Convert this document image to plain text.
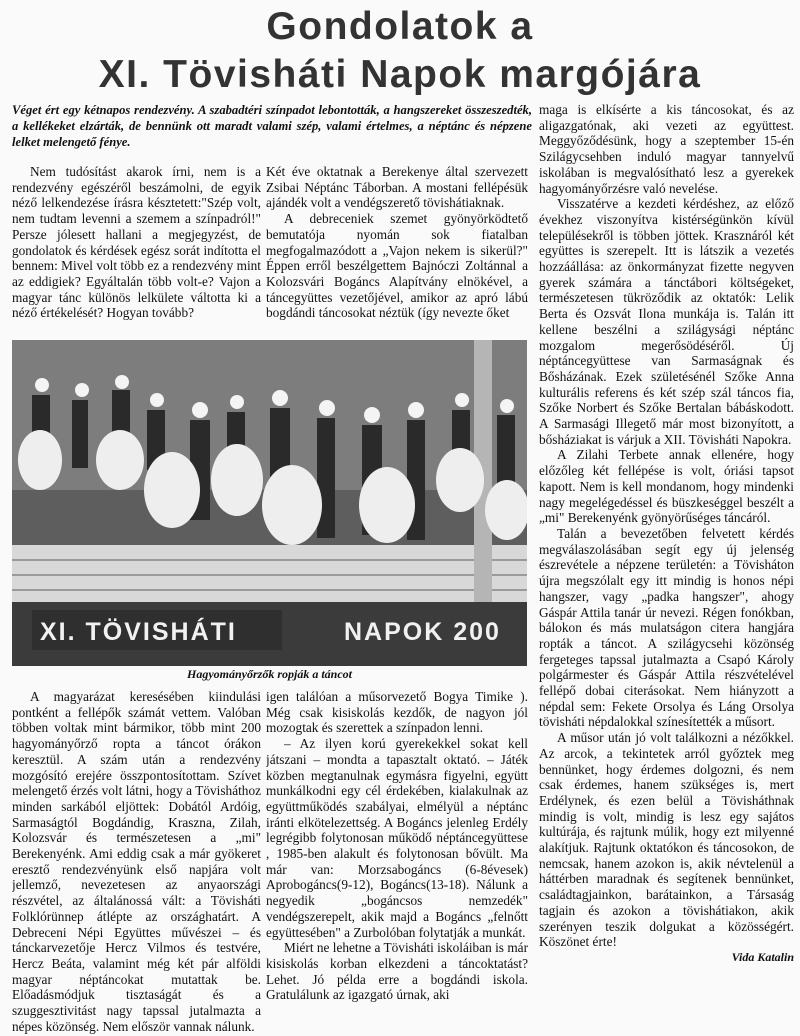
Gondolatok a
XI. Tövisháti Napok margójára

Véget ért egy kétnapos rendezvény. A szabadtéri színpadot lebontották, a hangszereket összeszedték, a kellékeket elzárták, de bennünk ott maradt valami szép, valami értelmes, a néptánc és népzene lelket melengető fénye.

Nem tudósítást akarok írni, nem is a rendezvény egészéről beszámolni, de egyik néző lelkendezése írásra késztetett:"Szép volt, nem tudtam levenni a szemem a színpadról!" Persze jólesett hallani a megjegyzést, de gondolatok és kérdések egész sorát indította el bennem: Mivel volt több ez a rendezvény mint az eddigiek? Egyáltalán több volt-e? Vajon a magyar tánc különös lelkülete váltotta ki a néző értékelését? Hogyan tovább?

Két éve oktatnak a Berekenye által szervezett Zsibai Néptánc Táborban. A mostani fellépésük ajándék volt a vendégszerető tövishátiaknak.

A debreceniek szemet gyönyörködtető bemutatója nyomán sok fiatalban megfogalmazódott a „Vajon nekem is sikerül?" Éppen erről beszélgettem Bajnóczi Zoltánnal a Kolozsvári Bogáncs Alapítvány elnökével, a táncegyüttes vezetőjével, amikor az apró lábú bogdándi táncosokat néztük (így nevezte őket

XI. TÖVISHÁTI	NAPOK 200

Hagyományőrzők ropják a táncot

A magyarázat keresésében kiindulási pontként a fellépők számát vettem. Valóban többen voltak mint bármikor, több mint 200 hagyományőrző ropta a táncot órákon keresztül. A szám után a rendezvény mozgósító erejére összpontosítottam. Szívet melengető érzés volt látni, hogy a Tövisháthoz minden sarkából eljöttek: Dobától Ardóig, Sarmaságtól Bogdándig, Kraszna, Zilah, Kolozsvár és természetesen a „mi" Berekenyénk. Ami eddig csak a már gyökeret eresztő rendezvényünk első napjára volt jellemző, nevezetesen az anyaországi részvétel, az általánossá vált: a Tövisháti Folklórünnep átlépte az országhatárt. A Debreceni Népi Együttes művészei – és tánckarvezetője Hercz Vilmos és testvére, Hercz Beáta, valamint még két pár alföldi magyar néptáncokat mutattak be. Előadásmódjuk tisztaságát és a szuggesztivitást nagy tapssal jutalmazta a népes közönség. Nem először vannak nálunk.

igen találóan a műsorvezető Bogya Timike ). Még csak kisiskolás kezdők, de nagyon jól mozogtak és szerettek a színpadon lenni.

– Az ilyen korú gyerekekkel sokat kell játszani – mondta a tapasztalt oktató. – Játék közben megtanulnak egymásra figyelni, együtt munkálkodni egy cél érdekében, kialakulnak az együttműködés szabályai, elmélyül a néptánc iránti elkötelezettség. A Bogáncs jelenleg Erdély legrégibb folytonosan működő néptáncegyüttese , 1985-ben alakult és folytonosan bővült. Ma már van: Morzsabogáncs (6-8évesek) Aprobogáncs(9-12), Bogáncs(13-18). Nálunk a negyedik „bogáncsos nemzedék" vendégszerepelt, akik majd a Bogáncs „felnőtt együttesében" a Zurbolóban folytatják a munkát.

Miért ne lehetne a Tövisháti iskoláiban is már kisiskolás korban elkezdeni a táncoktatást? Lehet. Jó példa erre a bogdándi iskola. Gratulálunk az igazgató úrnak, aki

maga is elkísérte a kis táncosokat, és az aligazgatónak, aki vezeti az együttest. Meggyőződésünk, hogy a szeptember 15-én Szilágycsehben induló magyar tannyelvű iskolában is megvalósítható lesz a gyerekek hagyományőrzésre való nevelése.

Visszatérve a kezdeti kérdéshez, az előző évekhez viszonyítva kistérségünkön kívül településekről is többen jöttek. Krasznáról két együttes is szerepelt. Itt is látszik a vezetés hozzáállása: az önkormányzat fizette negyven gyerek számára a tánctábori költségeket, természetesen tükröződik az oktatók: Lelik Berta és Ozsvát Ilona munkája is. Talán itt kellene beszélni a szilágysági néptánc mozgalom megerősödéséről. Új néptáncegyüttese van Sarmaságnak és Bősházának. Ezek születésénél Szőke Anna kulturális referens és két szép szál táncos fia, Szőke Norbert és Szőke Bertalan bábáskodott. A Sarmasági Illegető már most bizonyított, a bősháziakat is várjuk a XII. Tövisháti Napokra.

A Zilahi Terbete annak ellenére, hogy előzőleg két fellépése is volt, óriási tapsot kapott. Nem is kell mondanom, hogy mindenki nagy megelégedéssel és büszkeséggel beszélt a „mi" Berekenyénk gyönyörűséges táncáról.

Talán a bevezetőben felvetett kérdés megválaszolásában segít egy új jelenség észrevétele a népzene területén: a Tövisháton újra megszólalt egy itt mindig is honos népi hangszer, vagy „padka hangszer", ahogy Gáspár Attila tanár úr nevezi. Régen fonókban, bálokon és más mulatságon citera hangjára ropták a táncot. A szilágycsehi közönség fergeteges tapssal jutalmazta a Csapó Károly polgármester és Gáspár Attila részvételével fellépő dobai citerásokat. Nem hiányzott a népdal sem: Fekete Orsolya és Láng Orsolya tövisháti népdalokkal színesítették a műsort.

A műsor után jó volt találkozni a nézőkkel. Az arcok, a tekintetek arról győztek meg bennünket, hogy érdemes dolgozni, és nem csak érdemes, hanem szükséges is, mert Erdélynek, és ezen belül a Tövisháthnak mindig is volt, mindig is lesz egy sajátos kultúrája, és rajtunk múlik, hogy ezt milyenné alakítjuk. Rajtunk oktatókon és táncosokon, de nemcsak, hanem azokon is, akik névtelenül a háttérben maradnak és segítenek bennünket, családtagjainkon, barátainkon, a Társaság tagjain és azokon a tövishátiakon, akik szerényen teszik dolgukat a közösségért. Köszönet érte!

Vida Katalin
